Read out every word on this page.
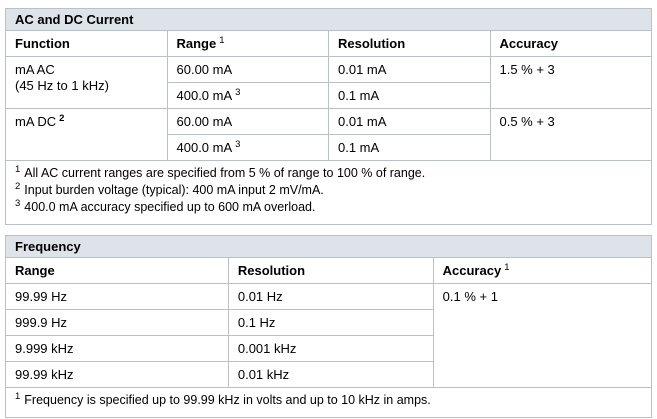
AC and DC Current			
Function	Range $^1$	Resolution	Accuracy

mA AC
(45 Hz to 1 kHz)	60.00 mA	0.01 mA	1.5 % + 3
	400.0 mA $^3$	0.1 mA	
mA DC $^2$	60.00 mA	0.01 mA	0.5 % + 3
	400.0 mA $^3$	0.1 mA	

$^1$ All AC current ranges are specified from 5 % of range to 100 % of range.
$^2$ Input burden voltage (typical): 400 mA input 2 mV/mA.
$^3$ 400.0 mA accuracy specified up to 600 mA overload.			
Frequency		
Range	Resolution	Accuracy $^1$
99.99 Hz	0.01 Hz	0.1 % + 1
999.9 Hz	0.1 Hz	
9.999 kHz	0.001 kHz	
99.99 kHz	0.01 kHz	

$^1$ Frequency is specified up to 99.99 kHz in volts and up to 10 kHz in amps.		
